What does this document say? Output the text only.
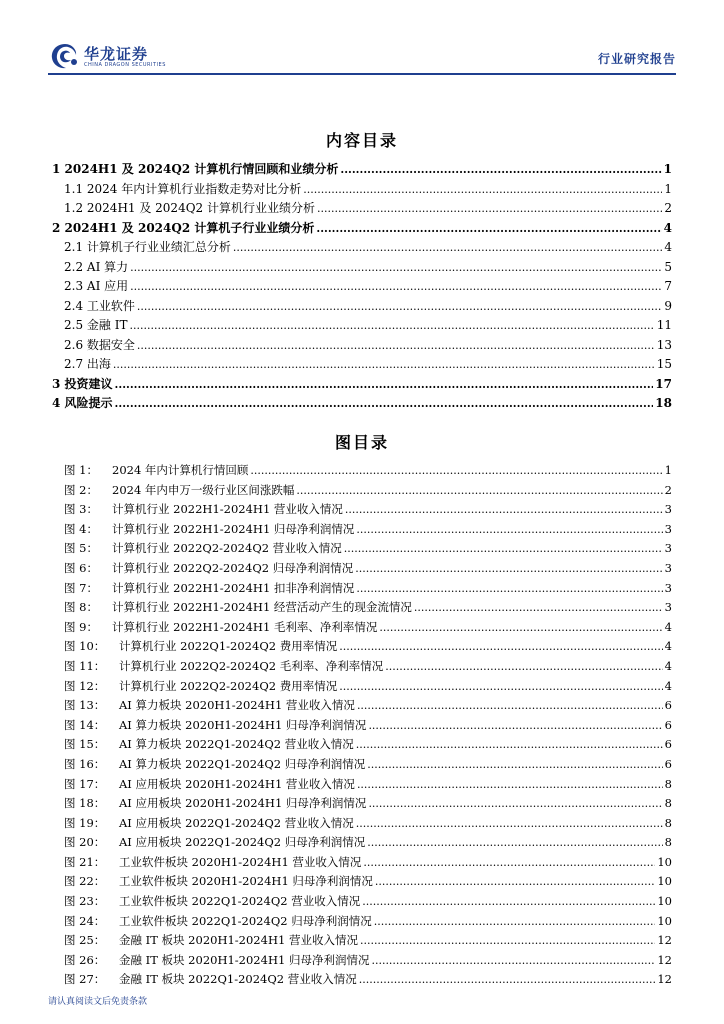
华龙证券
CHINA DRAGON SECURITIES	行业研究报告
内容目录
1 2024H1 及 2024Q2 计算机行情回顾和业绩分析 .....	1
1.1 2024 年内计算机行业指数走势对比分析 .....	1
1.2 2024H1 及 2024Q2 计算机行业业绩分析 .....	2
2 2024H1 及 2024Q2 计算机子行业业绩分析 .....	4
2.1 计算机子行业业绩汇总分析 .....	4
2.2 AI 算力 .....	5
2.3 AI 应用 .....	7
2.4 工业软件 .....	9
2.5 金融 IT .....	11
2.6 数据安全 .....	13
2.7 出海 .....	15
3 投资建议 .....	17
4 风险提示 .....	18
图目录
图 1：	2024 年内计算机行情回顾 .....	1
图 2：	2024 年内申万一级行业区间涨跌幅 .....	2
图 3：	计算机行业 2022H1-2024H1 营业收入情况 .....	3
图 4：	计算机行业 2022H1-2024H1 归母净利润情况 .....	3
图 5：	计算机行业 2022Q2-2024Q2 营业收入情况 .....	3
图 6：	计算机行业 2022Q2-2024Q2 归母净利润情况 .....	3
图 7：	计算机行业 2022H1-2024H1 扣非净利润情况 .....	3
图 8：	计算机行业 2022H1-2024H1 经营活动产生的现金流情况 .....	3
图 9：	计算机行业 2022H1-2024H1 毛利率、净利率情况 .....	4
图 10：	计算机行业 2022Q1-2024Q2 费用率情况 .....	4
图 11：	计算机行业 2022Q2-2024Q2 毛利率、净利率情况 .....	4
图 12：	计算机行业 2022Q2-2024Q2 费用率情况 .....	4
图 13：	AI 算力板块 2020H1-2024H1 营业收入情况 .....	6
图 14：	AI 算力板块 2020H1-2024H1 归母净利润情况 .....	6
图 15：	AI 算力板块 2022Q1-2024Q2 营业收入情况 .....	6
图 16：	AI 算力板块 2022Q1-2024Q2 归母净利润情况 .....	6
图 17：	AI 应用板块 2020H1-2024H1 营业收入情况 .....	8
图 18：	AI 应用板块 2020H1-2024H1 归母净利润情况 .....	8
图 19：	AI 应用板块 2022Q1-2024Q2 营业收入情况 .....	8
图 20：	AI 应用板块 2022Q1-2024Q2 归母净利润情况 .....	8
图 21：	工业软件板块 2020H1-2024H1 营业收入情况 .....	10
图 22：	工业软件板块 2020H1-2024H1 归母净利润情况 .....	10
图 23：	工业软件板块 2022Q1-2024Q2 营业收入情况 .....	10
图 24：	工业软件板块 2022Q1-2024Q2 归母净利润情况 .....	10
图 25：	金融 IT 板块 2020H1-2024H1 营业收入情况 .....	12
图 26：	金融 IT 板块 2020H1-2024H1 归母净利润情况 .....	12
图 27：	金融 IT 板块 2022Q1-2024Q2 营业收入情况 .....	12
请认真阅读文后免责条款
